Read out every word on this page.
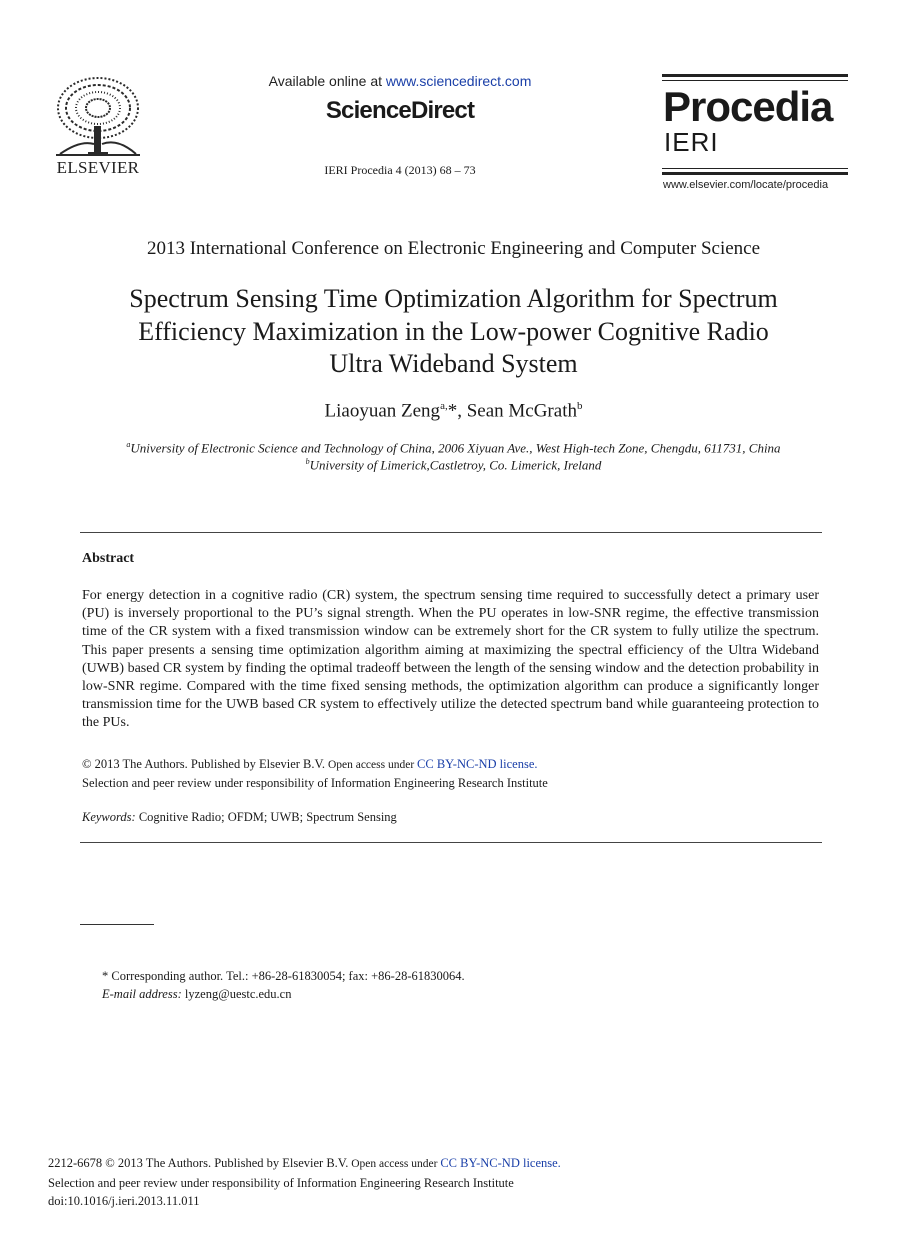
ELSEVIER
Available online at www.sciencedirect.com
ScienceDirect
IERI Procedia 4 (2013) 68 – 73
Procedia
IERI
www.elsevier.com/locate/procedia
2013 International Conference on Electronic Engineering and Computer Science
Spectrum Sensing Time Optimization Algorithm for Spectrum
Efficiency Maximization in the Low-power Cognitive Radio
Ultra Wideband System
Liaoyuan Zeng$^{a,}$*, Sean McGrath$^b$
$^a$University of Electronic Science and Technology of China, 2006 Xiyuan Ave., West High-tech Zone, Chengdu, 611731, China
$^b$University of Limerick,Castletroy, Co. Limerick, Ireland
Abstract
For energy detection in a cognitive radio (CR) system, the spectrum sensing time required to successfully detect a primary user (PU) is inversely proportional to the PU’s signal strength. When the PU operates in low-SNR regime, the effective transmission time of the CR system with a fixed transmission window can be extremely short for the CR system to fully utilize the spectrum. This paper presents a sensing time optimization algorithm aiming at maximizing the spectral efficiency of the Ultra Wideband (UWB) based CR system by finding the optimal tradeoff between the length of the sensing window and the detection probability in low-SNR regime. Compared with the time fixed sensing methods, the optimization algorithm can produce a significantly longer transmission time for the UWB based CR system to effectively utilize the detected spectrum band while guaranteeing protection to the PUs.
© 2013 The Authors. Published by Elsevier B.V. Open access under CC BY-NC-ND license.
Selection and peer review under responsibility of Information Engineering Research Institute
Keywords: Cognitive Radio; OFDM; UWB; Spectrum Sensing
* Corresponding author. Tel.: +86-28-61830054; fax: +86-28-61830064.
E-mail address: lyzeng@uestc.edu.cn
2212-6678 © 2013 The Authors. Published by Elsevier B.V. Open access under CC BY-NC-ND license.
Selection and peer review under responsibility of Information Engineering Research Institute
doi:10.1016/j.ieri.2013.11.011
